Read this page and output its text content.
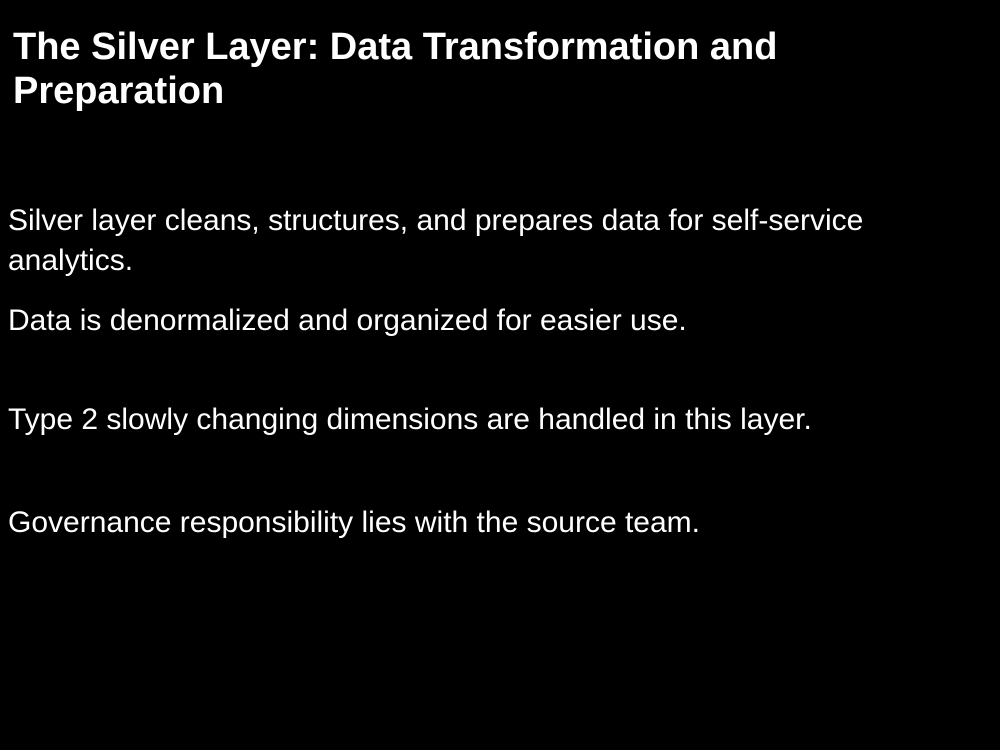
The Silver Layer: Data Transformation and Preparation

Silver layer cleans, structures, and prepares data for self-service analytics.

Data is denormalized and organized for easier use.

Type 2 slowly changing dimensions are handled in this layer.

Governance responsibility lies with the source team.
